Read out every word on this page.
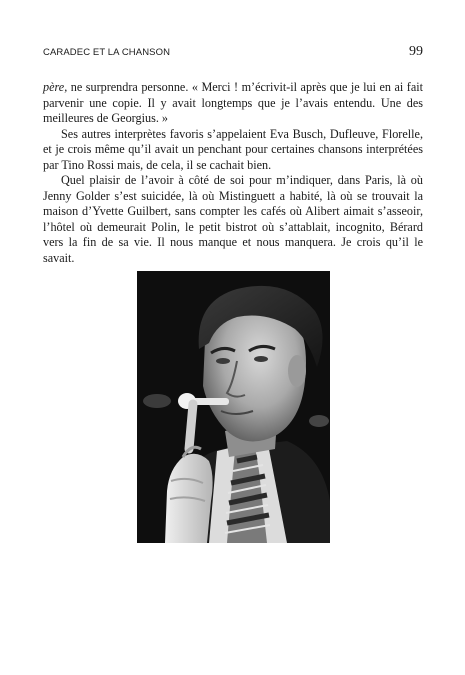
CARADEC ET LA CHANSON	99

père, ne surprendra personne. « Merci ! m’écrivit-il après que je lui en ai fait parvenir une copie. Il y avait longtemps que je l’avais entendu. Une des meilleures de Georgius. »

Ses autres interprètes favoris s’appelaient Eva Busch, Dufleuve, Florelle, et je crois même qu’il avait un penchant pour certaines chansons interprétées par Tino Rossi mais, de cela, il se cachait bien.

Quel plaisir de l’avoir à côté de soi pour m’indiquer, dans Paris, là où Jenny Golder s’est suicidée, là où Mistinguett a habité, là où se trouvait la maison d’Yvette Guilbert, sans compter les cafés où Alibert aimait s’asseoir, l’hôtel où demeurait Polin, le petit bistrot où s’attablait, incognito, Bérard vers la fin de sa vie. Il nous manque et nous manquera. Je crois qu’il le savait.
